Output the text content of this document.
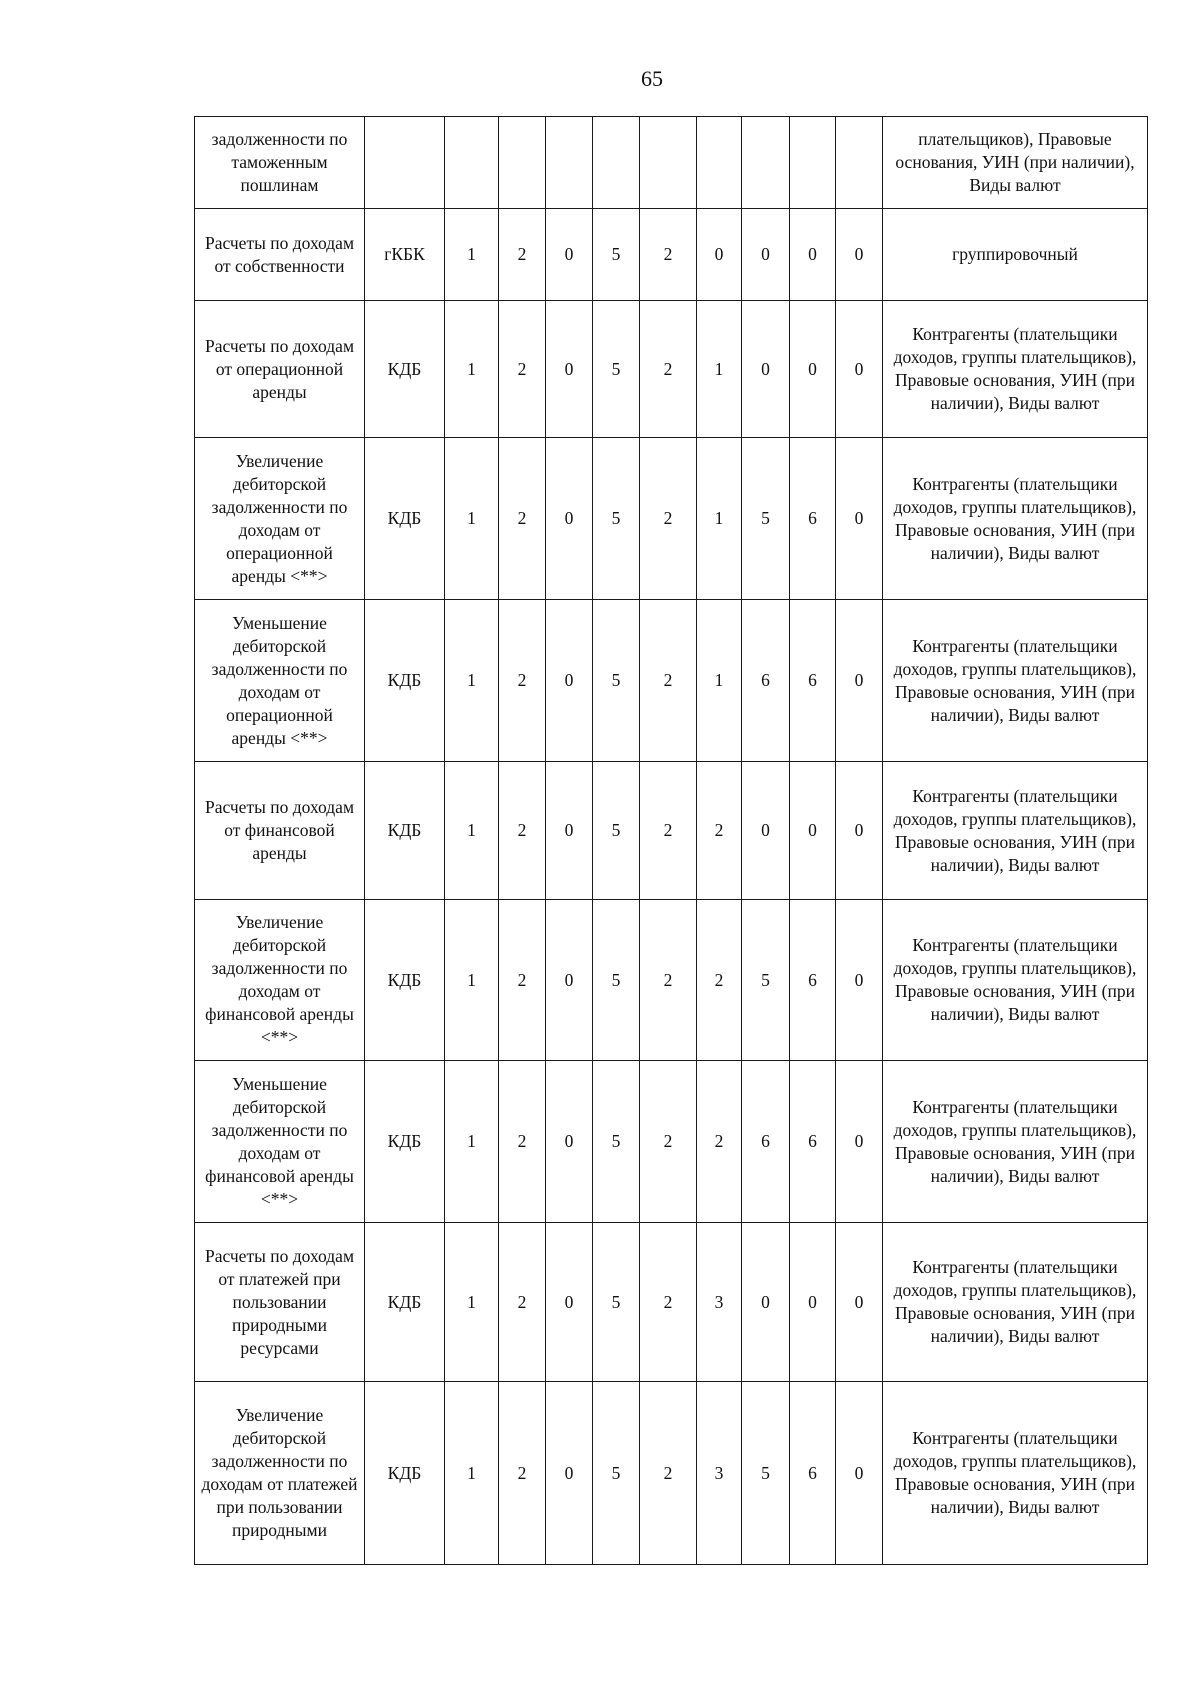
65
задолженности по таможенным пошлинам											плательщиков), Правовые основания, УИН (при наличии), Виды валют
Расчеты по доходам от собственности	гКБК	1	2	0	5	2	0	0	0	0	группировочный
Расчеты по доходам от операционной аренды	КДБ	1	2	0	5	2	1	0	0	0	Контрагенты (плательщики доходов, группы плательщиков), Правовые основания, УИН (при наличии), Виды валют
Увеличение дебиторской задолженности по доходам от операционной аренды <**>	КДБ	1	2	0	5	2	1	5	6	0	Контрагенты (плательщики доходов, группы плательщиков), Правовые основания, УИН (при наличии), Виды валют
Уменьшение дебиторской задолженности по доходам от операционной аренды <**>	КДБ	1	2	0	5	2	1	6	6	0	Контрагенты (плательщики доходов, группы плательщиков), Правовые основания, УИН (при наличии), Виды валют
Расчеты по доходам от финансовой аренды	КДБ	1	2	0	5	2	2	0	0	0	Контрагенты (плательщики доходов, группы плательщиков), Правовые основания, УИН (при наличии), Виды валют
Увеличение дебиторской задолженности по доходам от финансовой аренды <**>	КДБ	1	2	0	5	2	2	5	6	0	Контрагенты (плательщики доходов, группы плательщиков), Правовые основания, УИН (при наличии), Виды валют
Уменьшение дебиторской задолженности по доходам от финансовой аренды <**>	КДБ	1	2	0	5	2	2	6	6	0	Контрагенты (плательщики доходов, группы плательщиков), Правовые основания, УИН (при наличии), Виды валют
Расчеты по доходам от платежей при пользовании природными ресурсами	КДБ	1	2	0	5	2	3	0	0	0	Контрагенты (плательщики доходов, группы плательщиков), Правовые основания, УИН (при наличии), Виды валют
Увеличение дебиторской задолженности по доходам от платежей при пользовании природными	КДБ	1	2	0	5	2	3	5	6	0	Контрагенты (плательщики доходов, группы плательщиков), Правовые основания, УИН (при наличии), Виды валют
